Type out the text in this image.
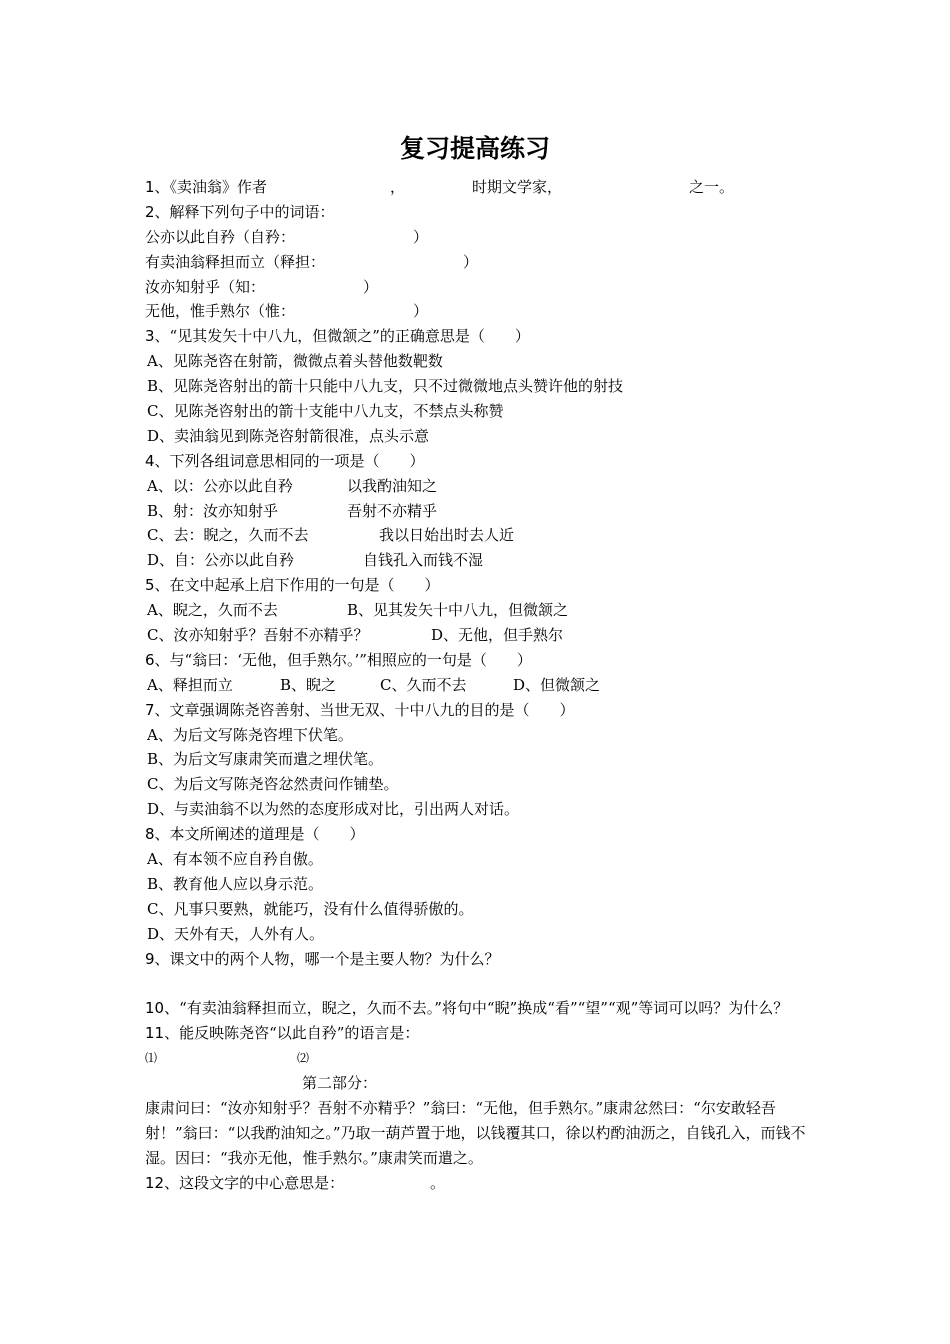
复习提高练习
1、《卖油翁》作者	，	时期文学家，	之一。
2、解释下列句子中的词语：
公亦以此自矜（自矜：	）
有卖油翁释担而立（释担：	）
汝亦知射乎（知：	）
无他，惟手熟尔（惟：	）
3、“见其发矢十中八九，但微颔之”的正确意思是（　　）
A、见陈尧咨在射箭，微微点着头替他数靶数
B、见陈尧咨射出的箭十只能中八九支，只不过微微地点头赞许他的射技
C、见陈尧咨射出的箭十支能中八九支，不禁点头称赞
D、卖油翁见到陈尧咨射箭很准，点头示意
4、下列各组词意思相同的一项是（　　）
A、以：公亦以此自矜	以我酌油知之
B、射：汝亦知射乎	吾射不亦精乎
C、去：睨之，久而不去	我以日始出时去人近
D、自：公亦以此自矜	自钱孔入而钱不湿
5、在文中起承上启下作用的一句是（　　）
A、睨之，久而不去	B、见其发矢十中八九，但微颔之
C、汝亦知射乎？吾射不亦精乎？	D、无他，但手熟尔
6、与“翁曰：‘无他，但手熟尔。’”相照应的一句是（　　）
A、释担而立	B、睨之	C、久而不去	D、但微颔之
7、文章强调陈尧咨善射、当世无双、十中八九的目的是（　　）
A、为后文写陈尧咨埋下伏笔。
B、为后文写康肃笑而遣之埋伏笔。
C、为后文写陈尧咨忿然责问作铺垫。
D、与卖油翁不以为然的态度形成对比，引出两人对话。
8、本文所阐述的道理是（　　）
A、有本领不应自矜自傲。
B、教育他人应以身示范。
C、凡事只要熟，就能巧，没有什么值得骄傲的。
D、天外有天，人外有人。
9、课文中的两个人物，哪一个是主要人物？为什么？
10、“有卖油翁释担而立，睨之，久而不去。”将句中“睨”换成“看”“望”“观”等词可以吗？为什么？
11、能反映陈尧咨“以此自矜”的语言是：
⑴	⑵
第二部分：
康肃问曰：“汝亦知射乎？吾射不亦精乎？”翁曰：“无他，但手熟尔。”康肃忿然曰：“尔安敢轻吾射！”翁曰：“以我酌油知之。”乃取一葫芦置于地，以钱覆其口，徐以杓酌油沥之，自钱孔入，而钱不湿。因曰：“我亦无他，惟手熟尔。”康肃笑而遣之。
12、这段文字的中心意思是：	。
